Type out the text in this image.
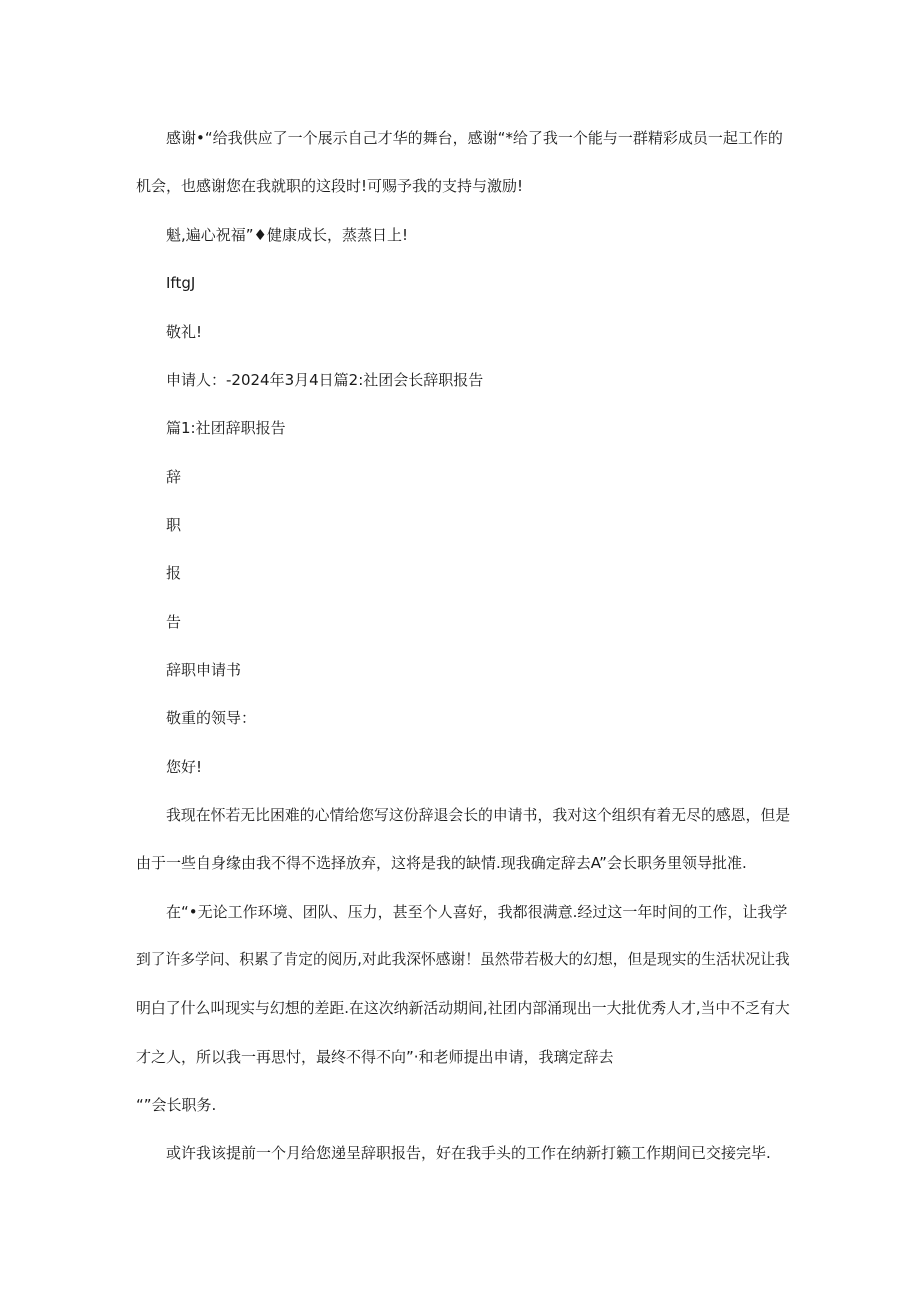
感谢•“给我供应了一个展示自己才华的舞台，感谢“*给了我一个能与一群精彩成员一起工作的
机会，也感谢您在我就职的这段时!可赐予我的支持与激励!
魁,遍心祝福”♦健康成长，蒸蒸日上!
IftgJ
敬礼!
申请人：-2024年3月4日篇2:社团会长辞职报告
篇1:社团辞职报告
辞
职
报
告
辞职申请书
敬重的领导：
您好!
我现在怀若无比困难的心情给您写这份辞退会长的申请书，我对这个组织有着无尽的感恩，但是
由于一些自身缘由我不得不选择放弃，这将是我的缺情.现我确定辞去A”会长职务里领导批准.
在“•无论工作环境、团队、压力，甚至个人喜好，我都很满意.经过这一年时间的工作，让我学
到了许多学问、积累了肯定的阅历,对此我深怀感谢！虽然带若极大的幻想，但是现实的生活状况让我
明白了什么叫现实与幻想的差距.在这次纳新活动期间,社团内部涌现出一大批优秀人才,当中不乏有大
才之人，所以我一再思忖，最终不得不向”·和老师提出申请，我璃定辞去
“”会长职务.
或许我该提前一个月给您递呈辞职报告，好在我手头的工作在纳新打籁工作期间已交接完毕.
